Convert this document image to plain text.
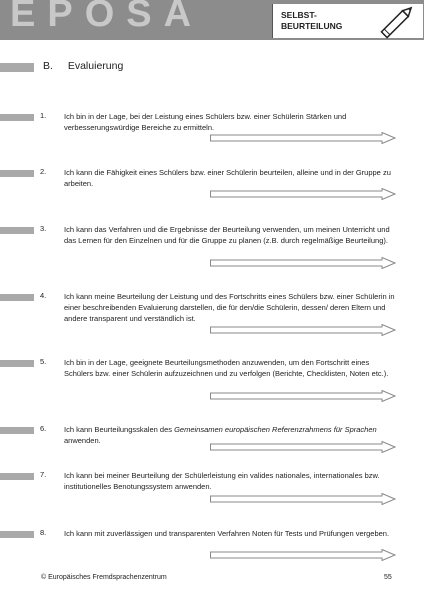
EPOSA	SELBST-
BEURTEILUNG
B. Evaluierung
1. Ich bin in der Lage, bei der Leistung eines Schülers bzw. einer Schülerin Stärken und verbesserungswürdige Bereiche zu ermitteln.
2. Ich kann die Fähigkeit eines Schülers bzw. einer Schülerin beurteilen, alleine und in der Gruppe zu arbeiten.
3. Ich kann das Verfahren und die Ergebnisse der Beurteilung verwenden, um meinen Unterricht und das Lernen für den Einzelnen und für die Gruppe zu planen (z.B. durch regelmäßige Beurteilung).
4. Ich kann meine Beurteilung der Leistung und des Fortschritts eines Schülers bzw. einer Schülerin in einer beschreibenden Evaluierung darstellen, die für den/die Schülerin, dessen/ deren Eltern und andere transparent und verständlich ist.
5. Ich bin in der Lage, geeignete Beurteilungsmethoden anzuwenden, um den Fortschritt eines Schülers bzw. einer Schülerin aufzuzeichnen und zu verfolgen (Berichte, Checklisten, Noten etc.).
6. Ich kann Beurteilungsskalen des Gemeinsamen europäischen Referenzrahmens für Sprachen anwenden.
7. Ich kann bei meiner Beurteilung der Schülerleistung ein valides nationales, internationales bzw. institutionelles Benotungssystem anwenden.
8. Ich kann mit zuverlässigen und transparenten Verfahren Noten für Tests und Prüfungen vergeben.
© Europäisches Fremdsprachenzentrum	55
